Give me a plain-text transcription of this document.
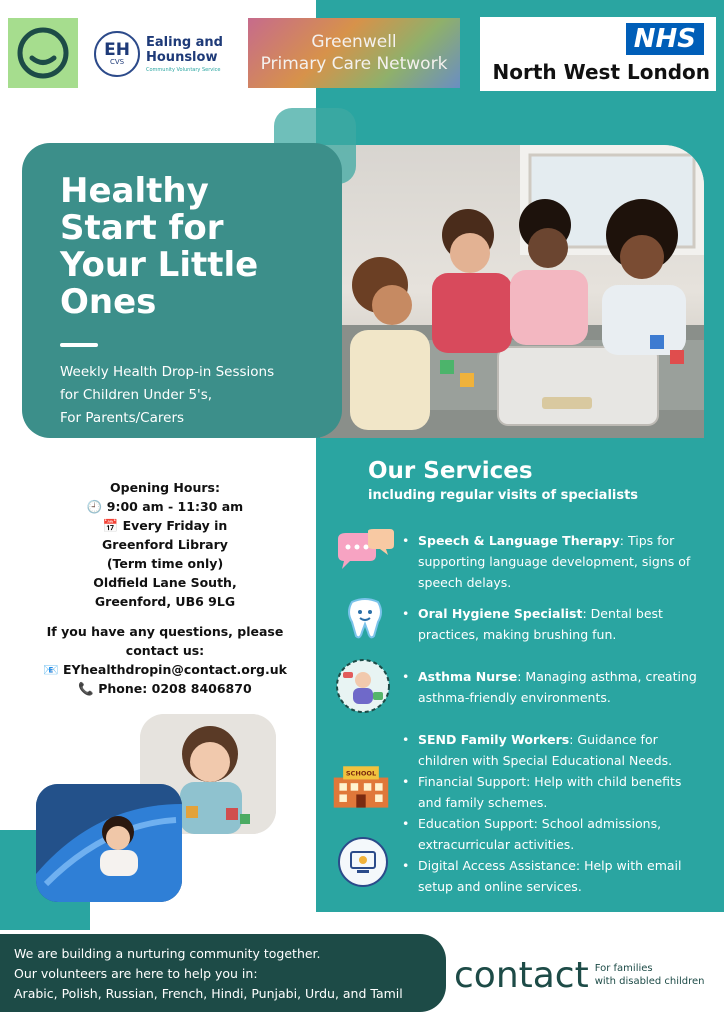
EH
CVS
Ealing and
Hounslow
Community Voluntary Service
Greenwell
Primary Care Network
NHS
North West London
Healthy Start for Your Little Ones

Weekly Health Drop-in Sessions
for Children Under 5's,
For Parents/Carers

Opening Hours:
🕘 9:00 am - 11:30 am
📅 Every Friday in Greenford Library
(Term time only)
Oldfield Lane South,
Greenford, UB6 9LG
If you have any questions, please
contact us:
📧 EYhealthdropin@contact.org.uk
📞 Phone: 0208 8406870
Our Services
including regular visits of specialists
SCHOOL
• Speech & Language Therapy: Tips for supporting language development, signs of speech delays.
• Oral Hygiene Specialist: Dental best practices, making brushing fun.
• Asthma Nurse: Managing asthma, creating asthma-friendly environments.
• SEND Family Workers: Guidance for children with Special Educational Needs.
• Financial Support: Help with child benefits and family schemes.
• Education Support: School admissions, extracurricular activities.
• Digital Access Assistance: Help with email setup and online services.
We are building a nurturing community together.
Our volunteers are here to help you in:
Arabic, Polish, Russian, French, Hindi, Punjabi, Urdu, and Tamil	contact For families
with disabled children
